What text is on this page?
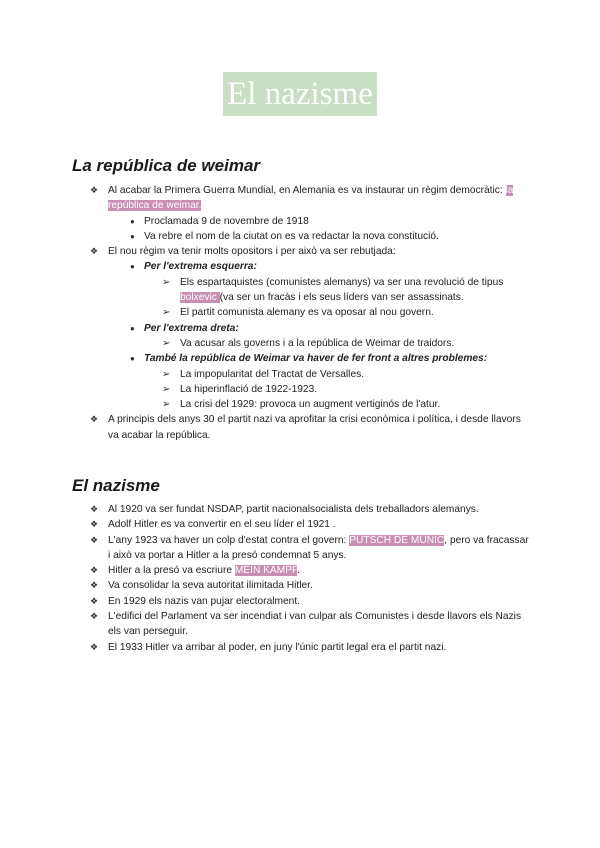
El nazisme
La república de weimar
❖ Al acabar la Primera Guerra Mundial, en Alemania es va instaurar un règim democràtic: la república de weimar.
● Proclamada 9 de novembre de 1918
● Va rebre el nom de la ciutat on es va redactar la nova constitució.
❖ El nou règim va tenir molts opositors i per això va ser rebutjada:
● Per l'extrema esquerra:
➢ Els espartaquistes (comunistes alemanys) va ser una revolució de tipus bolxevic (va ser un fracàs i els seus líders van ser assassinats.
➢ El partit comunista alemany es va oposar al nou govern.
● Per l'extrema dreta:
➢ Va acusar als governs i a la república de Weimar de traidors.
● També la república de Weimar va haver de fer front a altres problemes:
➢ La impopularitat del Tractat de Versalles.
➢ La hiperinflació de 1922-1923.
➢ La crisi del 1929: provoca un augment vertiginós de l'atur.
❖ A principis dels anys 30 el partit nazi va aprofitar la crisi econòmica i política, i desde llavors va acabar la república.
El nazisme
❖ Al 1920 va ser fundat NSDAP, partit nacionalsocialista dels treballadors alemanys.
❖ Adolf Hitler es va convertir en el seu líder el 1921 .
❖ L'any 1923 va haver un colp d'estat contra el govern: PUTSCH DE MUNIC, pero va fracassar i això va portar a Hitler a la presó condemnat 5 anys.
❖ Hitler a la presó va escriure MEIN KAMPF.
❖ Va consolidar la seva autoritat ilimitada Hitler.
❖ En 1929 els nazis van pujar electoralment.
❖ L'edifici del Parlament va ser incendiat i van culpar als Comunistes i desde llavors els Nazis els van perseguir.
❖ El 1933 Hitler va arribar al poder, en juny l'únic partit legal era el partit nazi.
